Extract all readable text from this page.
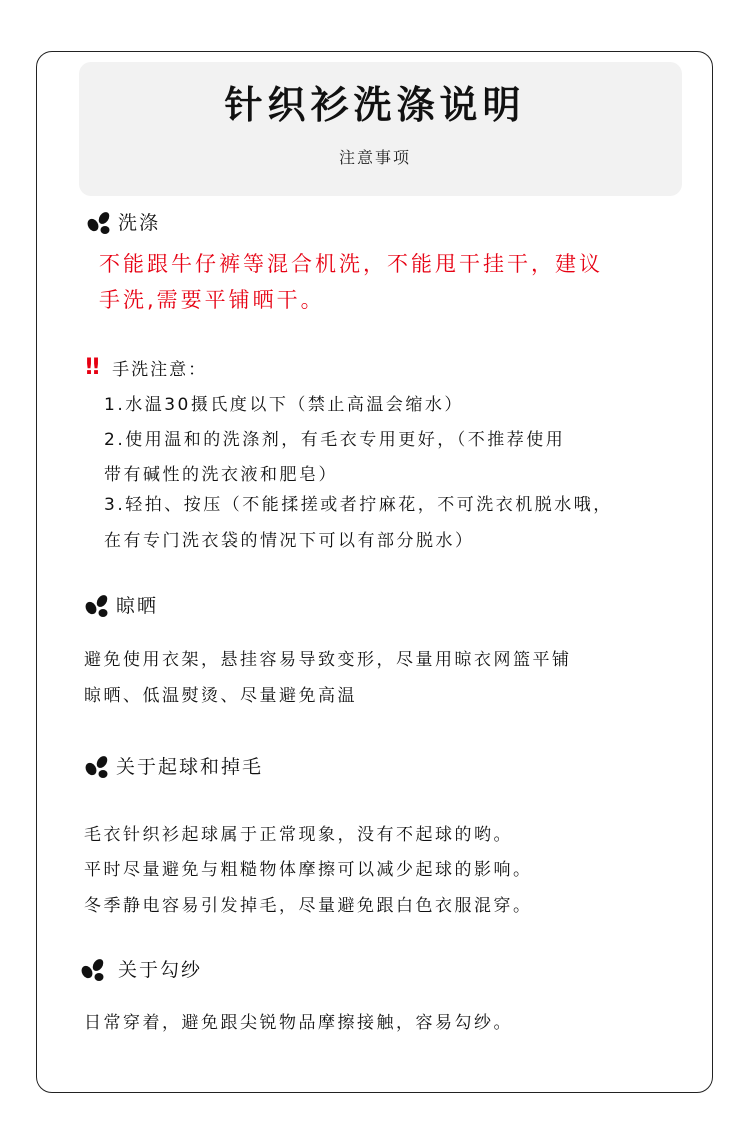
针织衫洗涤说明
注意事项
洗涤
不能跟牛仔裤等混合机洗，不能甩干挂干，建议
手洗,需要平铺晒干。
!! 手洗注意：
1.水温30摄氏度以下（禁止高温会缩水）
2.使用温和的洗涤剂，有毛衣专用更好，（不推荐使用
带有碱性的洗衣液和肥皂）
3.轻拍、按压（不能揉搓或者拧麻花，不可洗衣机脱水哦，
在有专门洗衣袋的情况下可以有部分脱水）
晾晒
避免使用衣架，悬挂容易导致变形，尽量用晾衣网篮平铺
晾晒、低温熨烫、尽量避免高温
关于起球和掉毛
毛衣针织衫起球属于正常现象，没有不起球的哟。
平时尽量避免与粗糙物体摩擦可以减少起球的影响。
冬季静电容易引发掉毛，尽量避免跟白色衣服混穿。
关于勾纱
日常穿着，避免跟尖锐物品摩擦接触，容易勾纱。
